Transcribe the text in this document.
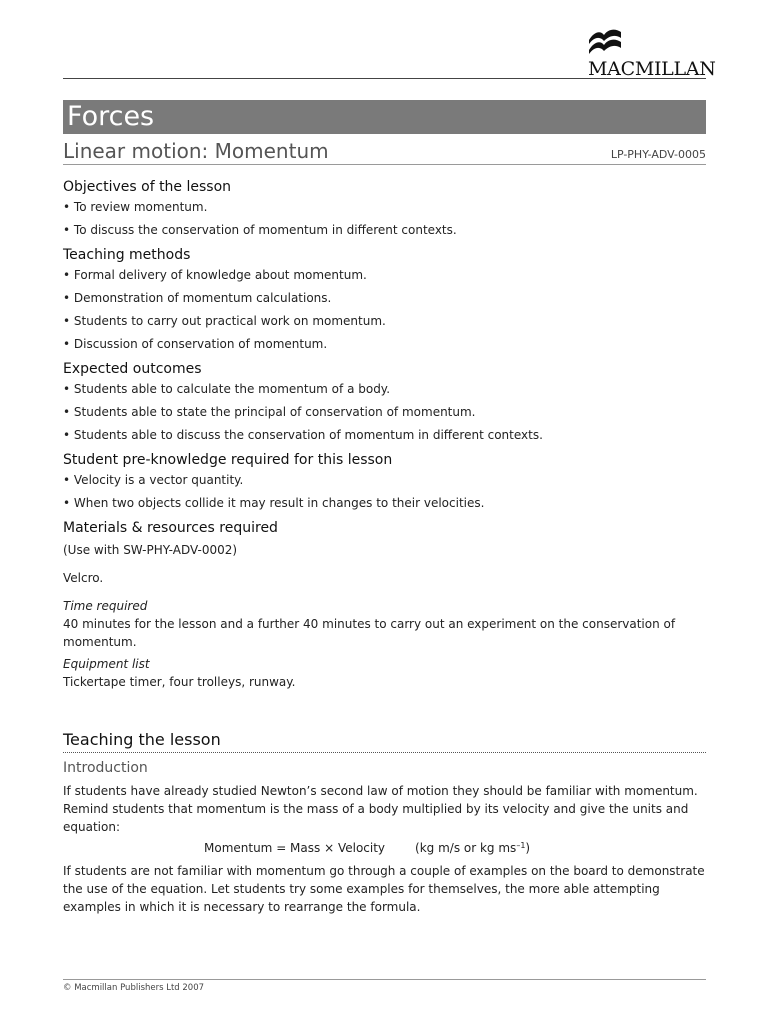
MACMILLAN
Forces
Linear motion: Momentum	LP-PHY-ADV-0005
Objectives of the lesson
• To review momentum.
• To discuss the conservation of momentum in different contexts.
Teaching methods
• Formal delivery of knowledge about momentum.
• Demonstration of momentum calculations.
• Students to carry out practical work on momentum.
• Discussion of conservation of momentum.
Expected outcomes
• Students able to calculate the momentum of a body.
• Students able to state the principal of conservation of momentum.
• Students able to discuss the conservation of momentum in different contexts.
Student pre-knowledge required for this lesson
• Velocity is a vector quantity.
• When two objects collide it may result in changes to their velocities.
Materials & resources required
(Use with SW-PHY-ADV-0002)
Velcro.
Time required
40 minutes for the lesson and a further 40 minutes to carry out an experiment on the conservation of momentum.
Equipment list
Tickertape timer, four trolleys, runway.
Teaching the lesson
Introduction
If students have already studied Newton’s second law of motion they should be familiar with momentum. Remind students that momentum is the mass of a body multiplied by its velocity and give the units and equation:
Momentum = Mass × Velocity	(kg m/s or kg $ms^{-1}$)
If students are not familiar with momentum go through a couple of examples on the board to demonstrate the use of the equation. Let students try some examples for themselves, the more able attempting examples in which it is necessary to rearrange the formula.
© Macmillan Publishers Ltd 2007
